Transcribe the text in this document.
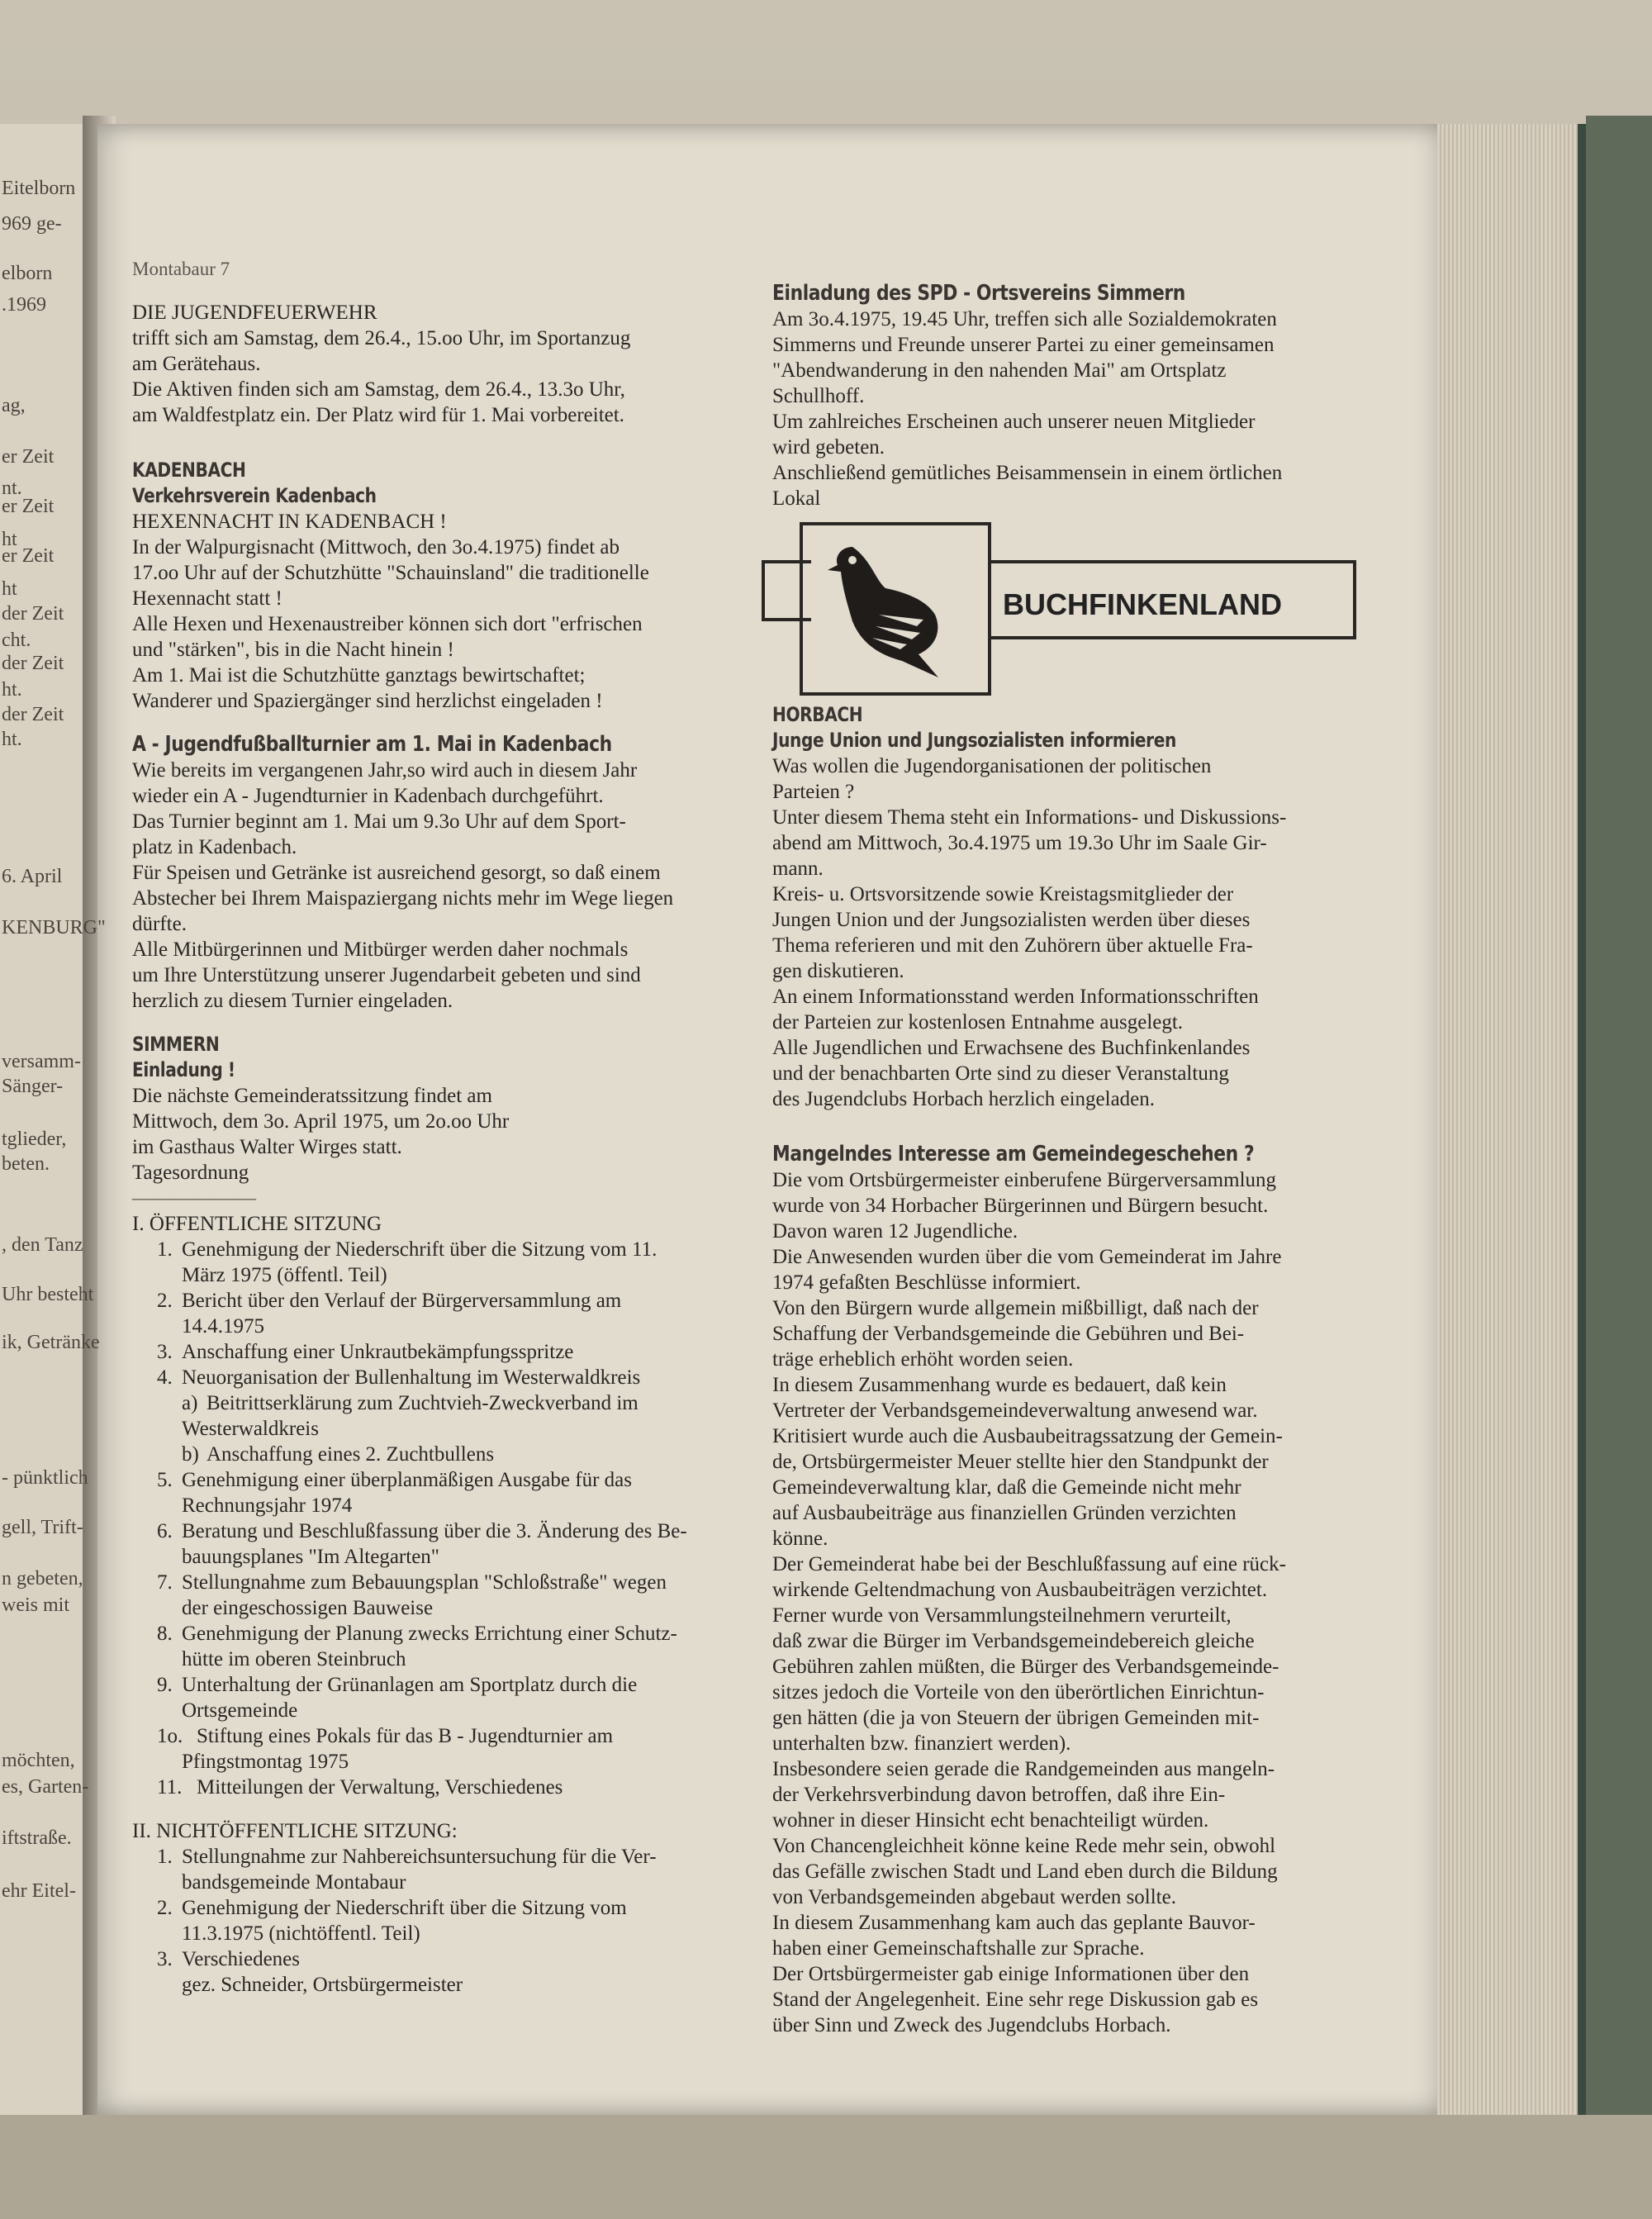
Eitelborn
969 ge-
elborn
.1969
ag,
er Zeit
nt.
er Zeit
ht
er Zeit
ht
der Zeit
cht.
der Zeit
ht.
der Zeit
ht.
6. April
KENBURG"
versamm-
Sänger-
tglieder,
beten.
, den Tanz
Uhr besteht
ik, Getränke
- pünktlich
gell, Trift-
n gebeten,
weis mit
möchten,
es, Garten-
iftstraße.
ehr Eitel-
Montabaur 7
DIE JUGENDFEUERWEHR
trifft sich am Samstag, dem 26.4., 15.oo Uhr, im Sportanzug
am Gerätehaus.
Die Aktiven finden sich am Samstag, dem 26.4., 13.3o Uhr,
am Waldfestplatz ein. Der Platz wird für 1. Mai vorbereitet.
KADENBACH
Verkehrsverein Kadenbach
HEXENNACHT IN KADENBACH !
In der Walpurgisnacht (Mittwoch, den 3o.4.1975) findet ab
17.oo Uhr auf der Schutzhütte "Schauinsland" die traditionelle
Hexennacht statt !
Alle Hexen und Hexenaustreiber können sich dort "erfrischen
und "stärken", bis in die Nacht hinein !
Am 1. Mai ist die Schutzhütte ganztags bewirtschaftet;
Wanderer und Spaziergänger sind herzlichst eingeladen !
A - Jugendfußballturnier am 1. Mai in Kadenbach
Wie bereits im vergangenen Jahr,so wird auch in diesem Jahr
wieder ein A - Jugendturnier in Kadenbach durchgeführt.
Das Turnier beginnt am 1. Mai um 9.3o Uhr auf dem Sport-
platz in Kadenbach.
Für Speisen und Getränke ist ausreichend gesorgt, so daß einem
Abstecher bei Ihrem Maispaziergang nichts mehr im Wege liegen
dürfte.
Alle Mitbürgerinnen und Mitbürger werden daher nochmals
um Ihre Unterstützung unserer Jugendarbeit gebeten und sind
herzlich zu diesem Turnier eingeladen.
SIMMERN
Einladung !
Die nächste Gemeinderatssitzung findet am
Mittwoch, dem 3o. April 1975, um 2o.oo Uhr
im Gasthaus Walter Wirges statt.
Tagesordnung
——————
I. ÖFFENTLICHE SITZUNG
1. Genehmigung der Niederschrift über die Sitzung vom 11.
März 1975 (öffentl. Teil)
2. Bericht über den Verlauf der Bürgerversammlung am
14.4.1975
3. Anschaffung einer Unkrautbekämpfungsspritze
4. Neuorganisation der Bullenhaltung im Westerwaldkreis
a) Beitrittserklärung zum Zuchtvieh-Zweckverband im
Westerwaldkreis
b) Anschaffung eines 2. Zuchtbullens
5. Genehmigung einer überplanmäßigen Ausgabe für das
Rechnungsjahr 1974
6. Beratung und Beschlußfassung über die 3. Änderung des Be-
bauungsplanes "Im Altegarten"
7. Stellungnahme zum Bebauungsplan "Schloßstraße" wegen
der eingeschossigen Bauweise
8. Genehmigung der Planung zwecks Errichtung einer Schutz-
hütte im oberen Steinbruch
9. Unterhaltung der Grünanlagen am Sportplatz durch die
Ortsgemeinde
1o. Stiftung eines Pokals für das B - Jugendturnier am
Pfingstmontag 1975
11. Mitteilungen der Verwaltung, Verschiedenes
II. NICHTÖFFENTLICHE SITZUNG:
1. Stellungnahme zur Nahbereichsuntersuchung für die Ver-
bandsgemeinde Montabaur
2. Genehmigung der Niederschrift über die Sitzung vom
11.3.1975 (nichtöffentl. Teil)
3. Verschiedenes
gez. Schneider, Ortsbürgermeister
Einladung des SPD - Ortsvereins Simmern
Am 3o.4.1975, 19.45 Uhr, treffen sich alle Sozialdemokraten
Simmerns und Freunde unserer Partei zu einer gemeinsamen
"Abendwanderung in den nahenden Mai" am Ortsplatz
Schullhoff.
Um zahlreiches Erscheinen auch unserer neuen Mitglieder
wird gebeten.
Anschließend gemütliches Beisammensein in einem örtlichen
Lokal
BUCHFINKENLAND
HORBACH
Junge Union und Jungsozialisten informieren
Was wollen die Jugendorganisationen der politischen
Parteien ?
Unter diesem Thema steht ein Informations- und Diskussions-
abend am Mittwoch, 3o.4.1975 um 19.3o Uhr im Saale Gir-
mann.
Kreis- u. Ortsvorsitzende sowie Kreistagsmitglieder der
Jungen Union und der Jungsozialisten werden über dieses
Thema referieren und mit den Zuhörern über aktuelle Fra-
gen diskutieren.
An einem Informationsstand werden Informationsschriften
der Parteien zur kostenlosen Entnahme ausgelegt.
Alle Jugendlichen und Erwachsene des Buchfinkenlandes
und der benachbarten Orte sind zu dieser Veranstaltung
des Jugendclubs Horbach herzlich eingeladen.
Mangelndes Interesse am Gemeindegeschehen ?
Die vom Ortsbürgermeister einberufene Bürgerversammlung
wurde von 34 Horbacher Bürgerinnen und Bürgern besucht.
Davon waren 12 Jugendliche.
Die Anwesenden wurden über die vom Gemeinderat im Jahre
1974 gefaßten Beschlüsse informiert.
Von den Bürgern wurde allgemein mißbilligt, daß nach der
Schaffung der Verbandsgemeinde die Gebühren und Bei-
träge erheblich erhöht worden seien.
In diesem Zusammenhang wurde es bedauert, daß kein
Vertreter der Verbandsgemeindeverwaltung anwesend war.
Kritisiert wurde auch die Ausbaubeitragssatzung der Gemein-
de, Ortsbürgermeister Meuer stellte hier den Standpunkt der
Gemeindeverwaltung klar, daß die Gemeinde nicht mehr
auf Ausbaubeiträge aus finanziellen Gründen verzichten
könne.
Der Gemeinderat habe bei der Beschlußfassung auf eine rück-
wirkende Geltendmachung von Ausbaubeiträgen verzichtet.
Ferner wurde von Versammlungsteilnehmern verurteilt,
daß zwar die Bürger im Verbandsgemeindebereich gleiche
Gebühren zahlen müßten, die Bürger des Verbandsgemeinde-
sitzes jedoch die Vorteile von den überörtlichen Einrichtun-
gen hätten (die ja von Steuern der übrigen Gemeinden mit-
unterhalten bzw. finanziert werden).
Insbesondere seien gerade die Randgemeinden aus mangeln-
der Verkehrsverbindung davon betroffen, daß ihre Ein-
wohner in dieser Hinsicht echt benachteiligt würden.
Von Chancengleichheit könne keine Rede mehr sein, obwohl
das Gefälle zwischen Stadt und Land eben durch die Bildung
von Verbandsgemeinden abgebaut werden sollte.
In diesem Zusammenhang kam auch das geplante Bauvor-
haben einer Gemeinschaftshalle zur Sprache.
Der Ortsbürgermeister gab einige Informationen über den
Stand der Angelegenheit. Eine sehr rege Diskussion gab es
über Sinn und Zweck des Jugendclubs Horbach.
